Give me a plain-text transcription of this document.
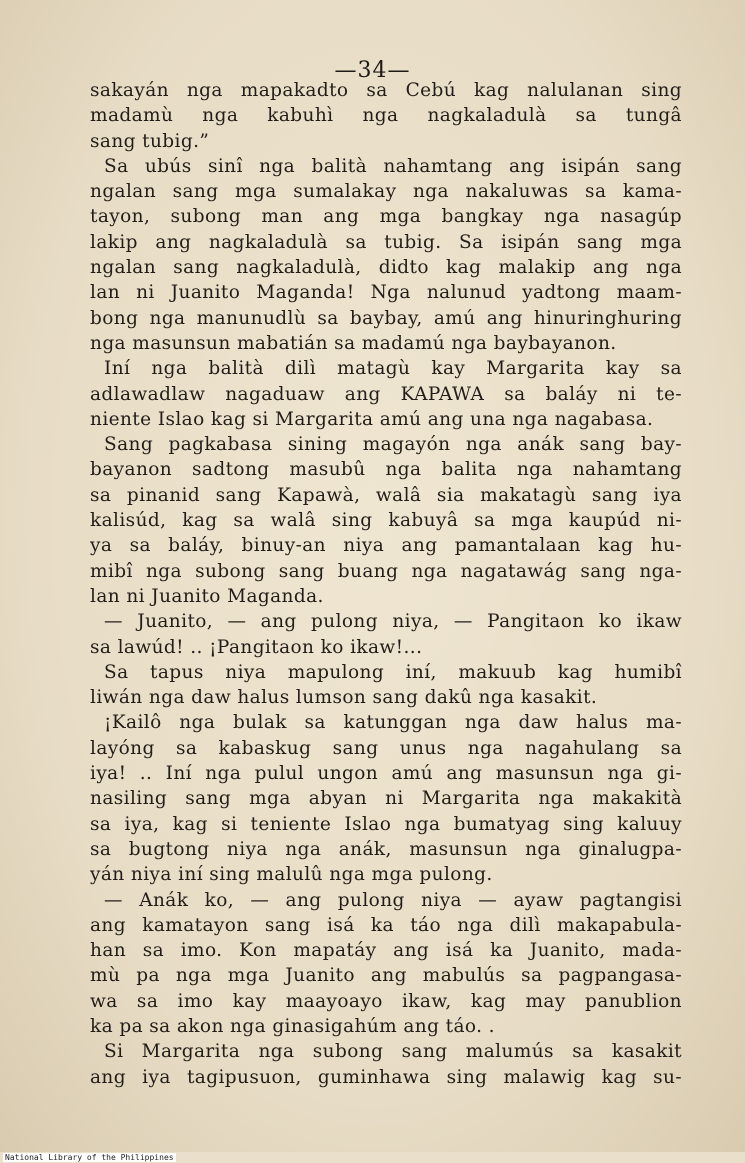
—34—
sakayán nga mapakadto sa Cebú kag nalulanan sing
madamù nga kabuhì nga nagkaladulà sa tungâ
sang tubig.”
Sa ubús sinî nga balità nahamtang ang isipán sang
ngalan sang mga sumalakay nga nakaluwas sa kama-
tayon, subong man ang mga bangkay nga nasagúp
lakip ang nagkaladulà sa tubig. Sa isipán sang mga
ngalan sang nagkaladulà, didto kag malakip ang nga
lan ni Juanito Maganda! Nga nalunud yadtong maam-
bong nga manunudlù sa baybay, amú ang hinuringhuring
nga masunsun mabatián sa madamú nga baybayanon.
Iní nga balità dilì matagù kay Margarita kay sa
adlawadlaw nagaduaw ang KAPAWA sa baláy ni te-
niente Islao kag si Margarita amú ang una nga nagabasa.
Sang pagkabasa sining magayón nga anák sang bay-
bayanon sadtong masubû nga balita nga nahamtang
sa pinanid sang Kapawà, walâ sia makatagù sang iya
kalisúd, kag sa walâ sing kabuyâ sa mga kaupúd ni-
ya sa baláy, binuy-an niya ang pamantalaan kag hu-
mibî nga subong sang buang nga nagatawág sang nga-
lan ni Juanito Maganda.
— Juanito, — ang pulong niya, — Pangitaon ko ikaw
sa lawúd! .. ¡Pangitaon ko ikaw!...
Sa tapus niya mapulong iní, makuub kag humibî
liwán nga daw halus lumson sang dakû nga kasakit.
¡Kailô nga bulak sa katunggan nga daw halus ma-
layóng sa kabaskug sang unus nga nagahulang sa
iya! .. Iní nga pulul ungon amú ang masunsun nga gi-
nasiling sang mga abyan ni Margarita nga makakità
sa iya, kag si teniente Islao nga bumatyag sing kaluuy
sa bugtong niya nga anák, masunsun nga ginalugpa-
yán niya iní sing malulû nga mga pulong.
— Anák ko, — ang pulong niya — ayaw pagtangisi
ang kamatayon sang isá ka táo nga dilì makapabula-
han sa imo. Kon mapatáy ang isá ka Juanito, mada-
mù pa nga mga Juanito ang mabulús sa pagpangasa-
wa sa imo kay maayoayo ikaw, kag may panublion
ka pa sa akon nga ginasigahúm ang táo. .
Si Margarita nga subong sang malumús sa kasakit
ang iya tagipusuon, guminhawa sing malawig kag su-
National Library of the Philippines
